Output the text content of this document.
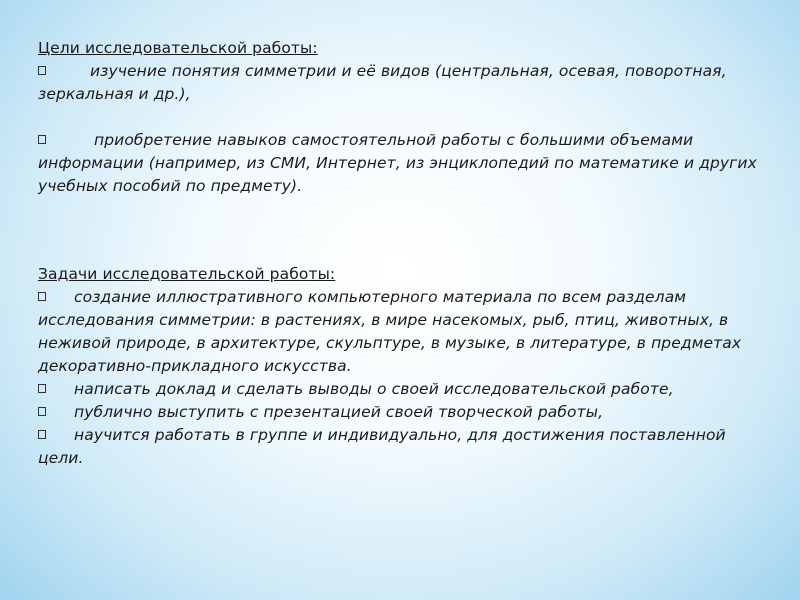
Цели исследовательской работы:

изучение понятия симметрии и её видов (центральная, осевая, поворотная, зеркальная и др.),

приобретение навыков самостоятельной работы с большими объемами информации (например, из СМИ, Интернет, из энциклопедий по математике и других учебных пособий по предмету).

Задачи исследовательской работы:

создание иллюстративного компьютерного материала по всем разделам исследования симметрии: в растениях, в мире насекомых, рыб, птиц, животных, в неживой природе, в архитектуре, скульптуре, в музыке, в литературе, в предметах декоративно-прикладного искусства.

написать доклад и сделать выводы о своей исследовательской работе,

публично выступить с презентацией своей творческой работы,

научится работать в группе и индивидуально, для достижения поставленной цели.
